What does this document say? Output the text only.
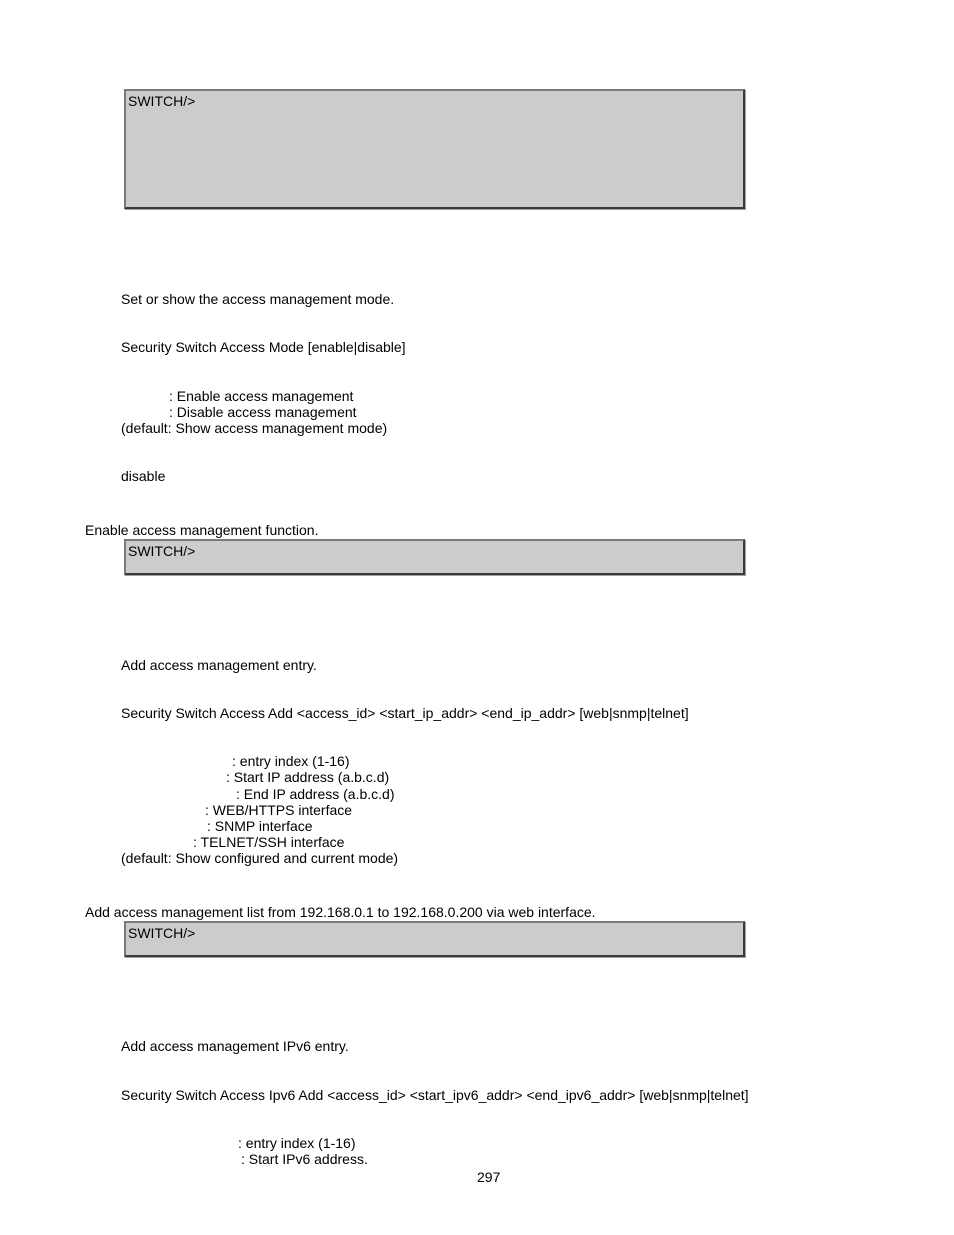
SWITCH/>
Set or show the access management mode.
Security Switch Access Mode [enable|disable]
: Enable access management
: Disable access management
(default: Show access management mode)
disable
Enable access management function.
SWITCH/>
Add access management entry.
Security Switch Access Add <access_id> <start_ip_addr> <end_ip_addr> [web|snmp|telnet]
: entry index (1-16)
: Start IP address (a.b.c.d)
: End IP address (a.b.c.d)
: WEB/HTTPS interface
: SNMP interface
: TELNET/SSH interface
(default: Show configured and current mode)
Add access management list from 192.168.0.1 to 192.168.0.200 via web interface.
SWITCH/>
Add access management IPv6 entry.
Security Switch Access Ipv6 Add <access_id> <start_ipv6_addr> <end_ipv6_addr> [web|snmp|telnet]
: entry index (1-16)
: Start IPv6 address.
297
